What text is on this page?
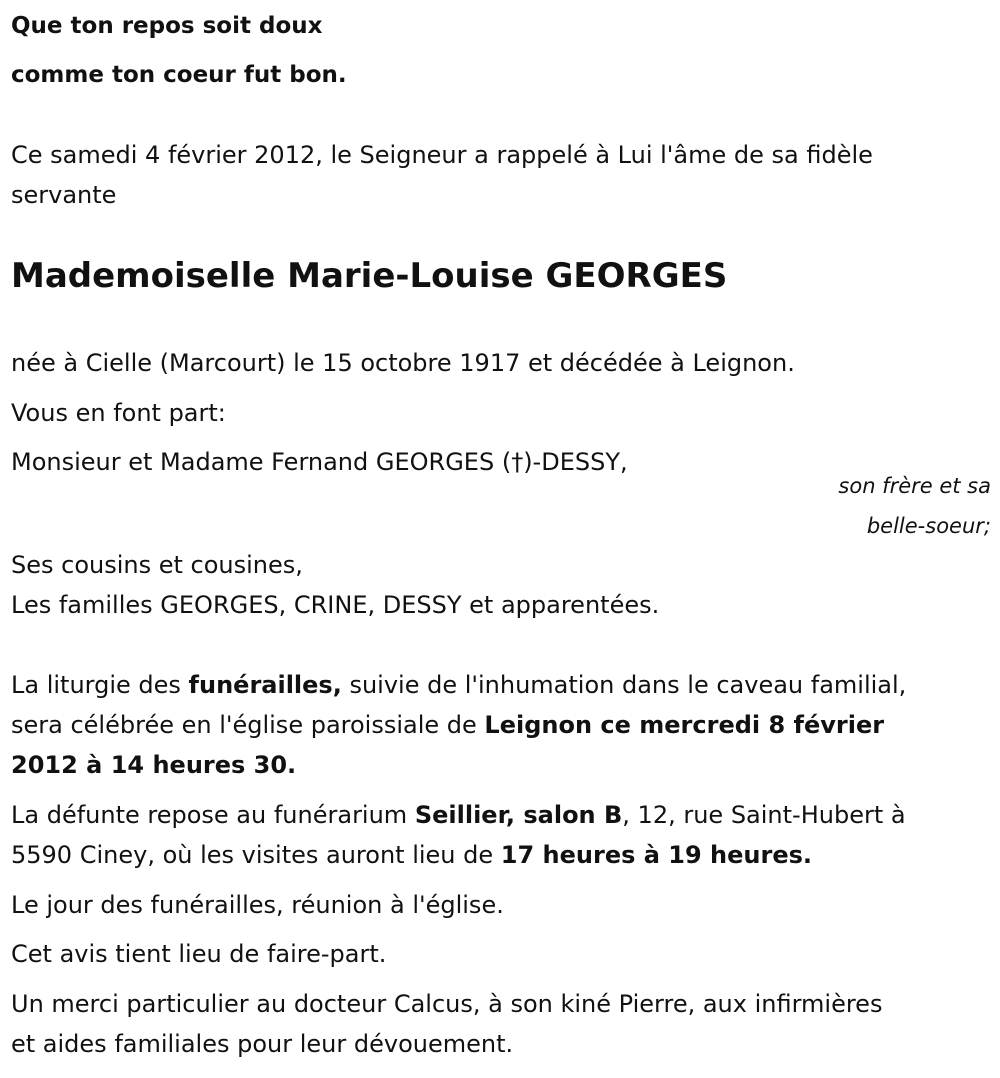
Que ton repos soit doux
comme ton coeur fut bon.
Ce samedi 4 février 2012, le Seigneur a rappelé à Lui l'âme de sa fidèle
servante
Mademoiselle Marie-Louise GEORGES
née à Cielle (Marcourt) le 15 octobre 1917 et décédée à Leignon.
Vous en font part:
Monsieur et Madame Fernand GEORGES (†)-DESSY,
son frère et sa
belle-soeur;
Ses cousins et cousines,
Les familles GEORGES, CRINE, DESSY et apparentées.
La liturgie des funérailles, suivie de l'inhumation dans le caveau familial,
sera célébrée en l'église paroissiale de Leignon ce mercredi 8 février
2012 à 14 heures 30.
La défunte repose au funérarium Seillier, salon B, 12, rue Saint-Hubert à
5590 Ciney, où les visites auront lieu de 17 heures à 19 heures.
Le jour des funérailles, réunion à l'église.
Cet avis tient lieu de faire-part.
Un merci particulier au docteur Calcus, à son kiné Pierre, aux infirmières
et aides familiales pour leur dévouement.
